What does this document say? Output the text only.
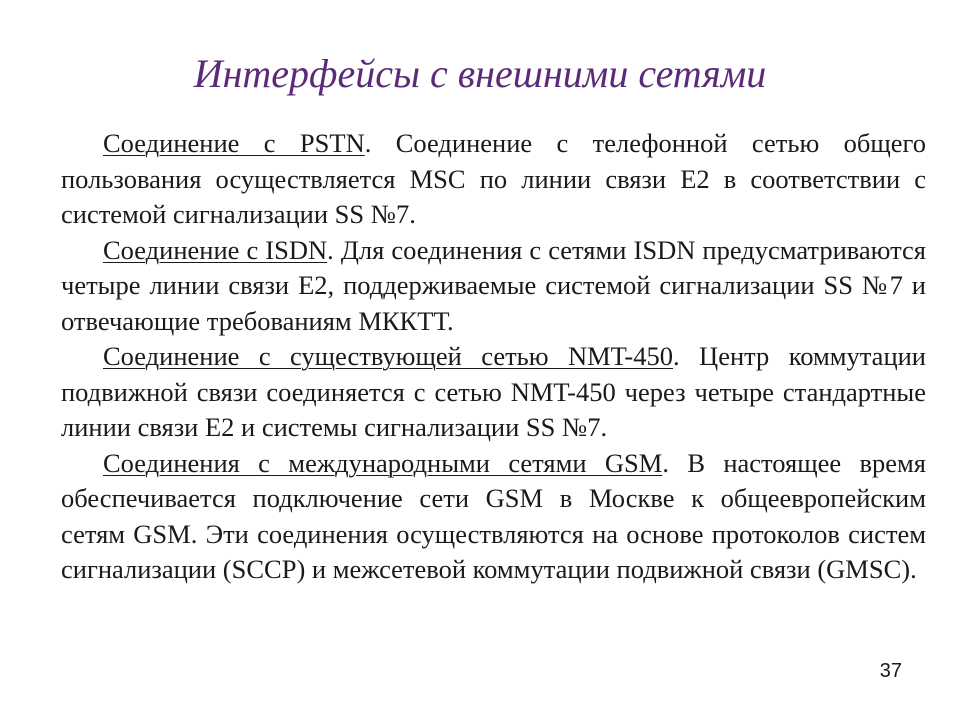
Интерфейсы с внешними сетями

Соединение с PSTN. Соединение с телефонной сетью общего пользования осуществляется MSC по линии связи Е2 в соответствии с системой сигнализации SS №7.

Соединение с ISDN. Для соединения с сетями ISDN предусматриваются четыре линии связи Е2, поддерживаемые системой сигнализации SS №7 и отвечающие требованиям МККТТ.

Соединение с существующей сетью NMT-450. Центр коммутации подвижной связи соединяется с сетью NMT-450 через четыре стандартные линии связи Е2 и системы сигнализации SS №7.

Соединения с международными сетями GSM. В настоящее время обеспечивается подключение сети GSM в Москве к общеевропейским сетям GSM. Эти соединения осуществляются на основе протоколов систем сигнализации (SCCP) и межсетевой коммутации подвижной связи (GMSC).

37
